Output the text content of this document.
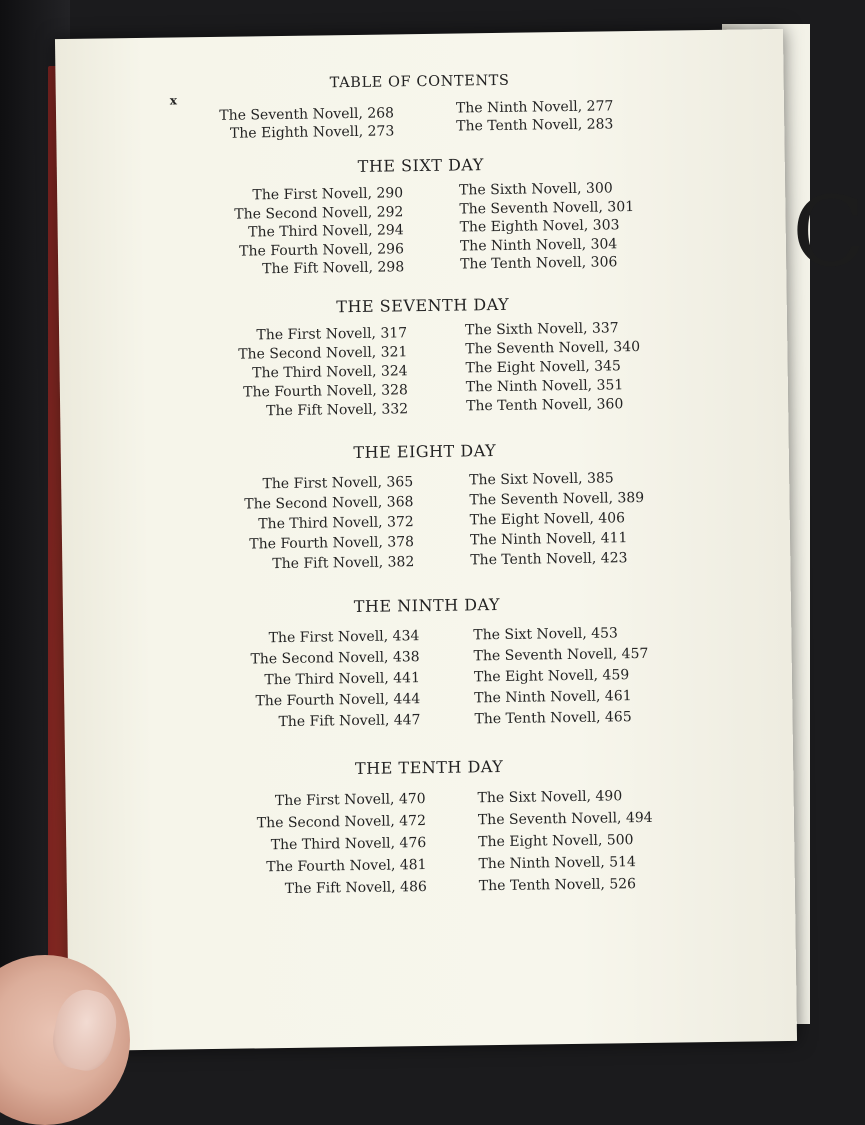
C
x
TABLE OF CONTENTS
The Seventh Novell, 268
The Eighth Novell, 273
The Ninth Novell, 277
The Tenth Novell, 283
THE SIXT DAY
The First Novell, 290
The Second Novell, 292
The Third Novell, 294
The Fourth Novell, 296
The Fift Novell, 298
The Sixth Novell, 300
The Seventh Novell, 301
The Eighth Novel, 303
The Ninth Novell, 304
The Tenth Novell, 306
THE SEVENTH DAY
The First Novell, 317
The Second Novell, 321
The Third Novell, 324
The Fourth Novell, 328
The Fift Novell, 332
The Sixth Novell, 337
The Seventh Novell, 340
The Eight Novell, 345
The Ninth Novell, 351
The Tenth Novell, 360
THE EIGHT DAY
The First Novell, 365
The Second Novell, 368
The Third Novell, 372
The Fourth Novell, 378
The Fift Novell, 382
The Sixt Novell, 385
The Seventh Novell, 389
The Eight Novell, 406
The Ninth Novell, 411
The Tenth Novell, 423
THE NINTH DAY
The First Novell, 434
The Second Novell, 438
The Third Novell, 441
The Fourth Novell, 444
The Fift Novell, 447
The Sixt Novell, 453
The Seventh Novell, 457
The Eight Novell, 459
The Ninth Novell, 461
The Tenth Novell, 465
THE TENTH DAY
The First Novell, 470
The Second Novell, 472
The Third Novell, 476
The Fourth Novel, 481
The Fift Novell, 486
The Sixt Novell, 490
The Seventh Novell, 494
The Eight Novell, 500
The Ninth Novell, 514
The Tenth Novell, 526
